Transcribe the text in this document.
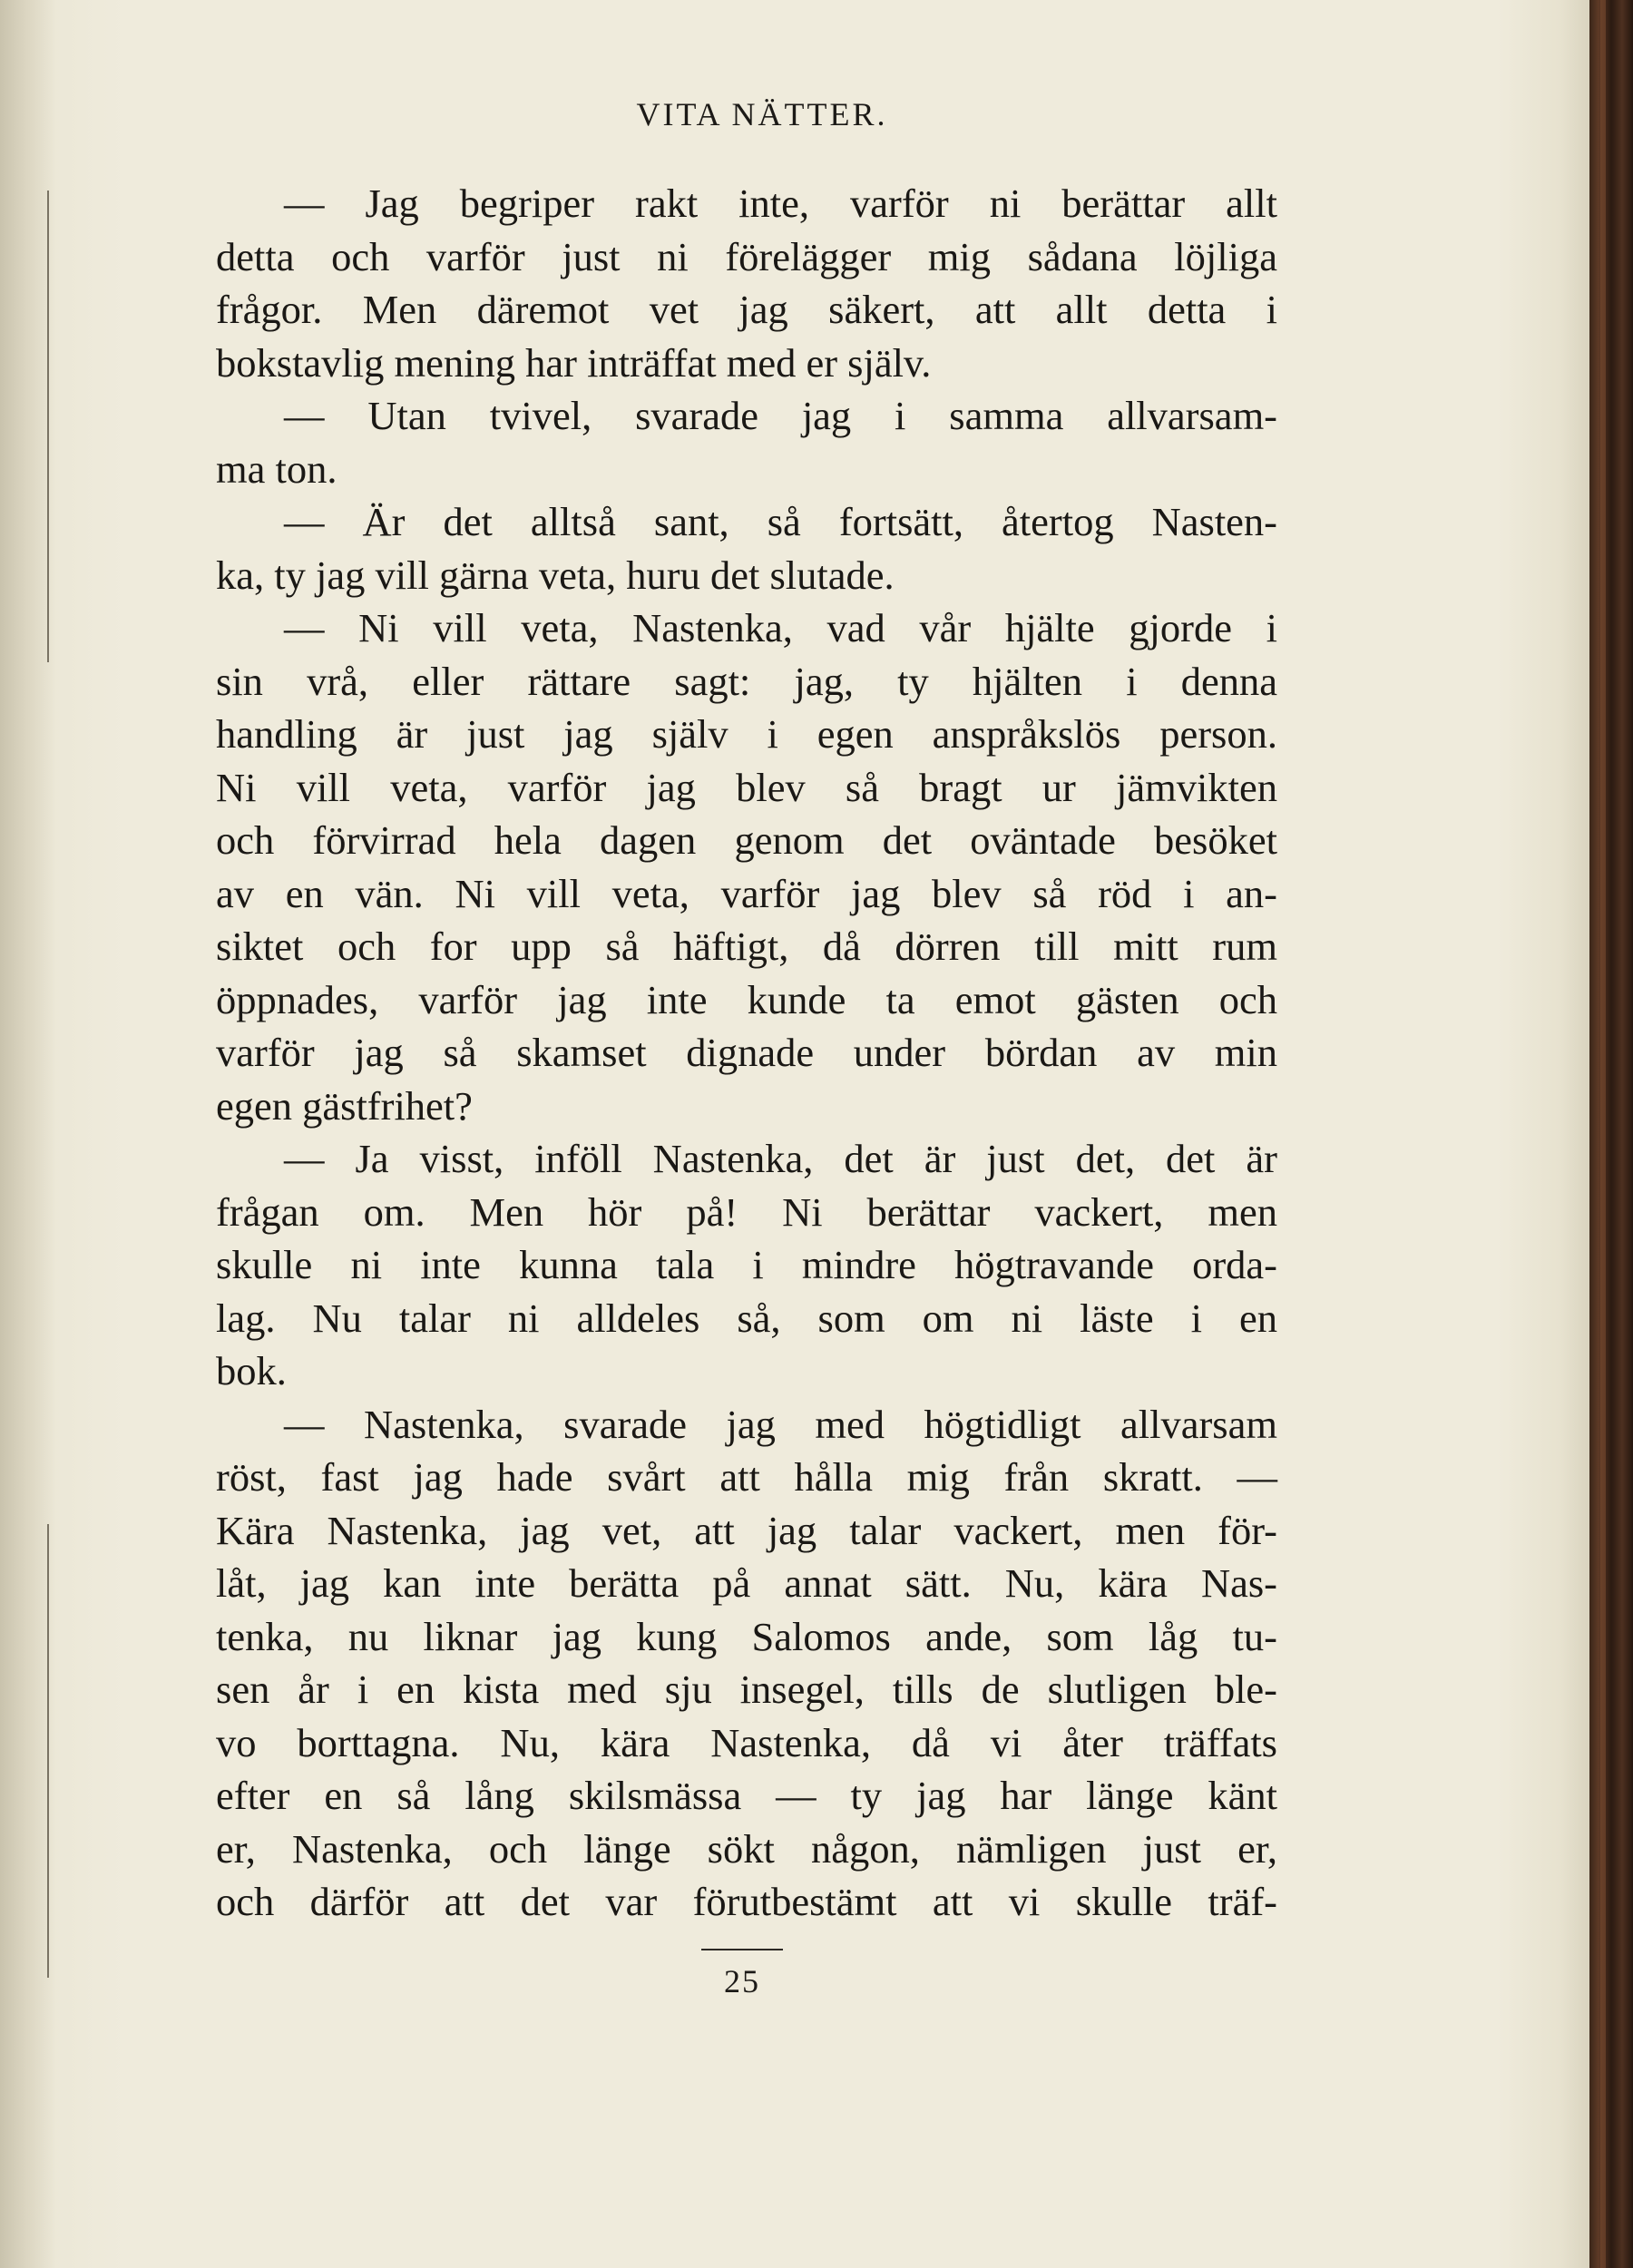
VITA NÄTTER.
— Jag begriper rakt inte, varför ni berättar allt
detta och varför just ni förelägger mig sådana löjliga
frågor. Men däremot vet jag säkert, att allt detta i
bokstavlig mening har inträffat med er själv.
— Utan tvivel, svarade jag i samma allvarsam-
ma ton.
— Är det alltså sant, så fortsätt, återtog Nasten-
ka, ty jag vill gärna veta, huru det slutade.
— Ni vill veta, Nastenka, vad vår hjälte gjorde i
sin vrå, eller rättare sagt: jag, ty hjälten i denna
handling är just jag själv i egen anspråkslös person.
Ni vill veta, varför jag blev så bragt ur jämvikten
och förvirrad hela dagen genom det oväntade besöket
av en vän. Ni vill veta, varför jag blev så röd i an-
siktet och for upp så häftigt, då dörren till mitt rum
öppnades, varför jag inte kunde ta emot gästen och
varför jag så skamset dignade under bördan av min
egen gästfrihet?
— Ja visst, inföll Nastenka, det är just det, det är
frågan om. Men hör på! Ni berättar vackert, men
skulle ni inte kunna tala i mindre högtravande orda-
lag. Nu talar ni alldeles så, som om ni läste i en
bok.
— Nastenka, svarade jag med högtidligt allvarsam
röst, fast jag hade svårt att hålla mig från skratt. —
Kära Nastenka, jag vet, att jag talar vackert, men för-
låt, jag kan inte berätta på annat sätt. Nu, kära Nas-
tenka, nu liknar jag kung Salomos ande, som låg tu-
sen år i en kista med sju insegel, tills de slutligen ble-
vo borttagna. Nu, kära Nastenka, då vi åter träffats
efter en så lång skilsmässa — ty jag har länge känt
er, Nastenka, och länge sökt någon, nämligen just er,
och därför att det var förutbestämt att vi skulle träf-
25
